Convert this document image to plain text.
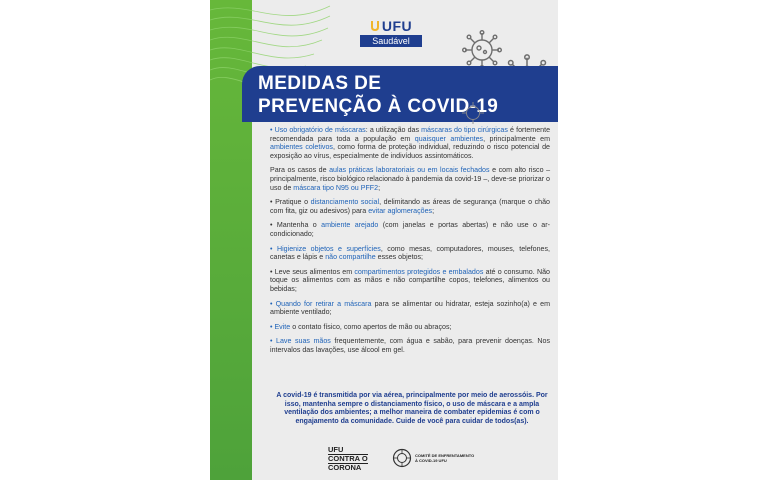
UFU
Saudável
MEDIDAS DE
PREVENÇÃO À COVID-19

• Uso obrigatório de máscaras: a utilização das máscaras do tipo cirúrgicas é fortemente recomendada para toda a população em quaisquer ambientes, principalmente em ambientes coletivos, como forma de proteção individual, reduzindo o risco potencial de exposição ao vírus, especialmente de indivíduos assintomáticos.

Para os casos de aulas práticas laboratoriais ou em locais fechados e com alto risco – principalmente, risco biológico relacionado à pandemia da covid-19 –, deve-se priorizar o uso de máscara tipo N95 ou PFF2;

• Pratique o distanciamento social, delimitando as áreas de segurança (marque o chão com fita, giz ou adesivos) para evitar aglomerações;

• Mantenha o ambiente arejado (com janelas e portas abertas) e não use o ar-condicionado;

• Higienize objetos e superfícies, como mesas, computadores, mouses, telefones, canetas e lápis e não compartilhe esses objetos;

• Leve seus alimentos em compartimentos protegidos e embalados até o consumo. Não toque os alimentos com as mãos e não compartilhe copos, telefones, alimentos ou bebidas;

• Quando for retirar a máscara para se alimentar ou hidratar, esteja sozinho(a) e em ambiente ventilado;

• Evite o contato físico, como apertos de mão ou abraços;

• Lave suas mãos frequentemente, com água e sabão, para prevenir doenças. Nos intervalos das lavações, use álcool em gel.

A covid-19 é transmitida por via aérea, principalmente por meio de aerossóis. Por isso, mantenha sempre o distanciamento físico, o uso de máscara e a ampla ventilação dos ambientes; a melhor maneira de combater epidemias é com o engajamento da comunidade. Cuide de você para cuidar de todos(as).
UFU
CONTRA O
CORONA
COMITÊ DE ENFRENTAMENTO À COVID-19 UFU
